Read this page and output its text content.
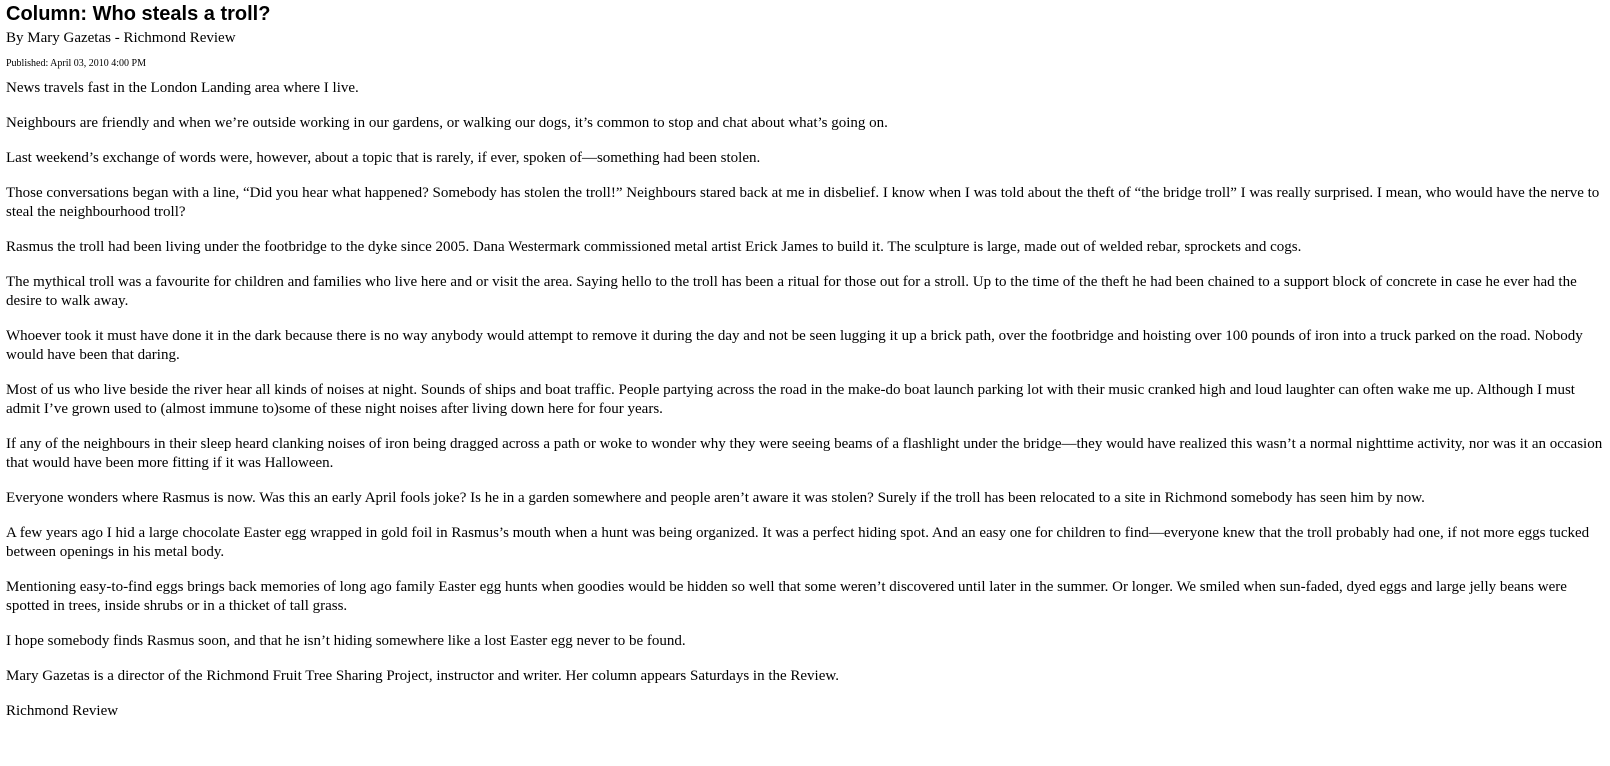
Column: Who steals a troll?
By Mary Gazetas - Richmond Review
Published: April 03, 2010 4:00 PM

News travels fast in the London Landing area where I live.

Neighbours are friendly and when we’re outside working in our gardens, or walking our dogs, it’s common to stop and chat about what’s going on.

Last weekend’s exchange of words were, however, about a topic that is rarely, if ever, spoken of—something had been stolen.

Those conversations began with a line, “Did you hear what happened? Somebody has stolen the troll!” Neighbours stared back at me in disbelief. I know when I was told about the theft of “the bridge troll” I was really surprised. I mean, who would have the nerve to steal the neighbourhood troll?

Rasmus the troll had been living under the footbridge to the dyke since 2005. Dana Westermark commissioned metal artist Erick James to build it. The sculpture is large, made out of welded rebar, sprockets and cogs.

The mythical troll was a favourite for children and families who live here and or visit the area. Saying hello to the troll has been a ritual for those out for a stroll. Up to the time of the theft he had been chained to a support block of concrete in case he ever had the desire to walk away.

Whoever took it must have done it in the dark because there is no way anybody would attempt to remove it during the day and not be seen lugging it up a brick path, over the footbridge and hoisting over 100 pounds of iron into a truck parked on the road. Nobody would have been that daring.

Most of us who live beside the river hear all kinds of noises at night. Sounds of ships and boat traffic. People partying across the road in the make-do boat launch parking lot with their music cranked high and loud laughter can often wake me up. Although I must admit I’ve grown used to (almost immune to)some of these night noises after living down here for four years.

If any of the neighbours in their sleep heard clanking noises of iron being dragged across a path or woke to wonder why they were seeing beams of a flashlight under the bridge—they would have realized this wasn’t a normal nighttime activity, nor was it an occasion that would have been more fitting if it was Halloween.

Everyone wonders where Rasmus is now. Was this an early April fools joke? Is he in a garden somewhere and people aren’t aware it was stolen? Surely if the troll has been relocated to a site in Richmond somebody has seen him by now.

A few years ago I hid a large chocolate Easter egg wrapped in gold foil in Rasmus’s mouth when a hunt was being organized. It was a perfect hiding spot. And an easy one for children to find—everyone knew that the troll probably had one, if not more eggs tucked between openings in his metal body.

Mentioning easy-to-find eggs brings back memories of long ago family Easter egg hunts when goodies would be hidden so well that some weren’t discovered until later in the summer. Or longer. We smiled when sun-faded, dyed eggs and large jelly beans were spotted in trees, inside shrubs or in a thicket of tall grass.

I hope somebody finds Rasmus soon, and that he isn’t hiding somewhere like a lost Easter egg never to be found.

Mary Gazetas is a director of the Richmond Fruit Tree Sharing Project, instructor and writer. Her column appears Saturdays in the Review.

Richmond Review
